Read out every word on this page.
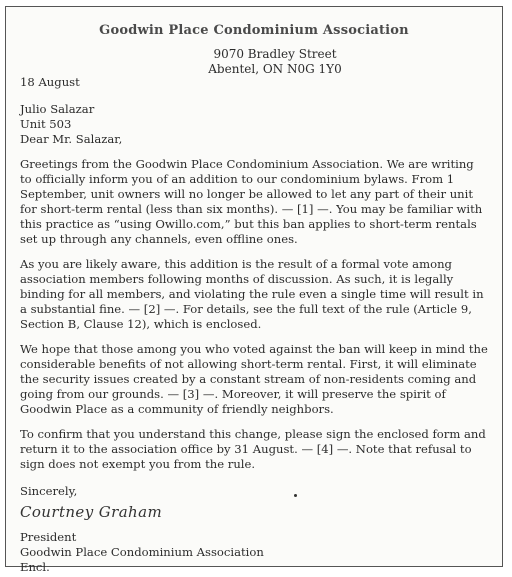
Goodwin Place Condominium Association
9070 Bradley Street
Abentel, ON N0G 1Y0

18 August

Julio Salazar
Unit 503

Dear Mr. Salazar,

Greetings from the Goodwin Place Condominium Association. We are writing to officially inform you of an addition to our condominium bylaws. From 1 September, unit owners will no longer be allowed to let any part of their unit for short-term rental (less than six months). — [1] —. You may be familiar with this practice as “using Owillo.com,” but this ban applies to short-term rentals set up through any channels, even offline ones.

As you are likely aware, this addition is the result of a formal vote among association members following months of discussion. As such, it is legally binding for all members, and violating the rule even a single time will result in a substantial fine. — [2] —. For details, see the full text of the rule (Article 9, Section B, Clause 12), which is enclosed.

We hope that those among you who voted against the ban will keep in mind the considerable benefits of not allowing short-term rental. First, it will eliminate the security issues created by a constant stream of non-residents coming and going from our grounds. — [3] —. Moreover, it will preserve the spirit of Goodwin Place as a community of friendly neighbors.

To confirm that you understand this change, please sign the enclosed form and return it to the association office by 31 August. — [4] —. Note that refusal to sign does not exempt you from the rule.

Sincerely,

Courtney Graham

President
Goodwin Place Condominium Association
Encl.
